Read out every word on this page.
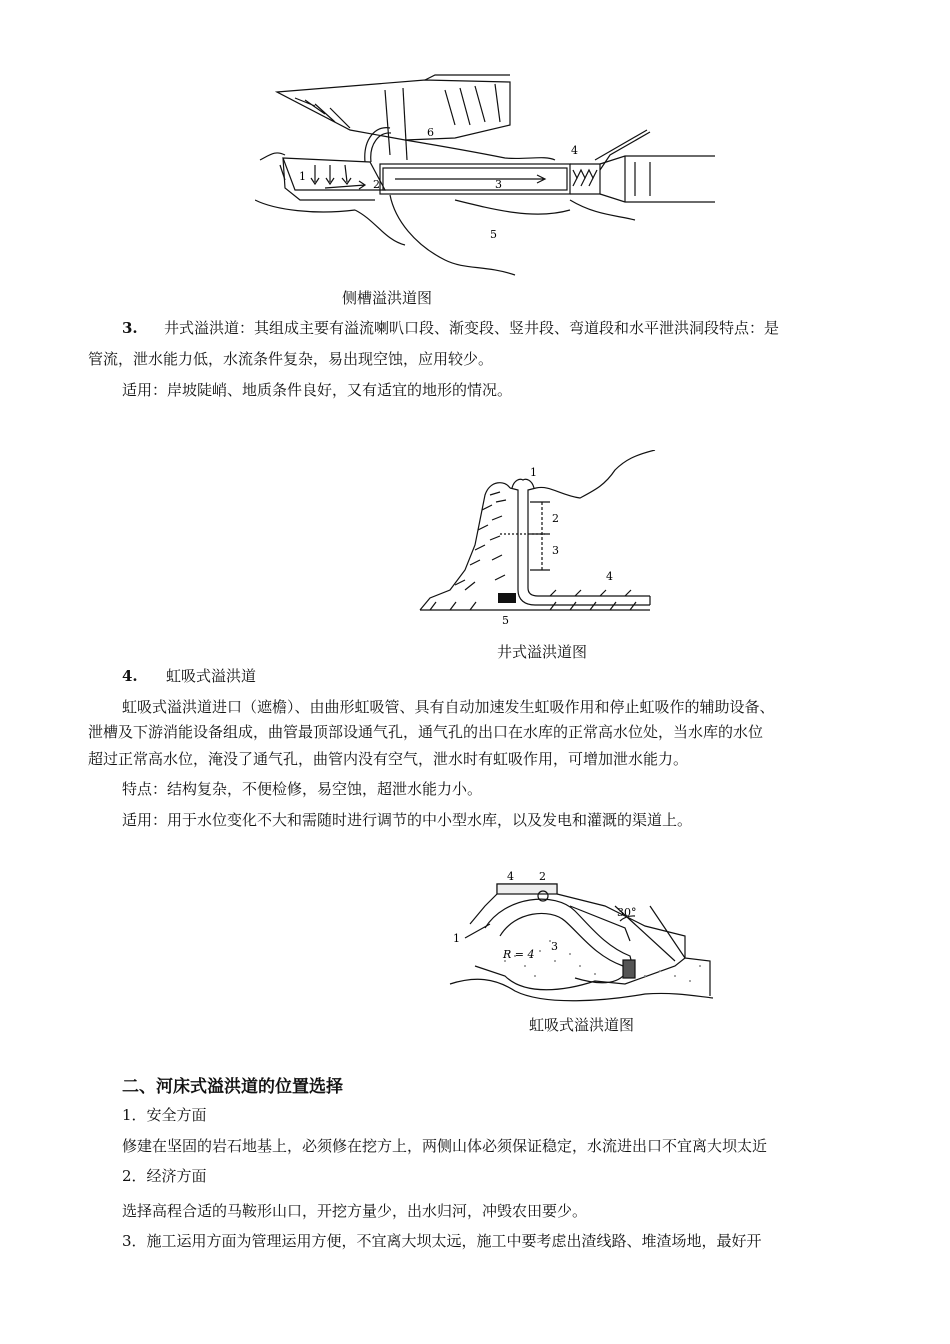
1
2	3
4
5
6
侧槽溢洪道图
3. 井式溢洪道：其组成主要有溢流喇叭口段、渐变段、竖井段、弯道段和水平泄洪洞段特点：是
管流，泄水能力低，水流条件复杂，易出现空蚀，应用较少。
适用：岸坡陡峭、地质条件良好，又有适宜的地形的情况。
1
2
3
4
5
井式溢洪道图
4. 虹吸式溢洪道
虹吸式溢洪道进口（遮檐）、由曲形虹吸管、具有自动加速发生虹吸作用和停止虹吸作的辅助设备、
泄槽及下游消能设备组成，曲管最顶部设通气孔，通气孔的出口在水库的正常高水位处，当水库的水位
超过正常高水位，淹没了通气孔，曲管内没有空气，泄水时有虹吸作用，可增加泄水能力。
特点：结构复杂，不便检修，易空蚀，超泄水能力小。
适用：用于水位变化不大和需随时进行调节的中小型水库，以及发电和灌溉的渠道上。
1
2
3
4
R = 4
30°
虹吸式溢洪道图
二、河床式溢洪道的位置选择
1．安全方面
修建在坚固的岩石地基上，必须修在挖方上，两侧山体必须保证稳定，水流进出口不宜离大坝太近
2．经济方面
选择高程合适的马鞍形山口，开挖方量少，出水归河，冲毁农田要少。
3．施工运用方面为管理运用方便，不宜离大坝太远，施工中要考虑出渣线路、堆渣场地，最好开
